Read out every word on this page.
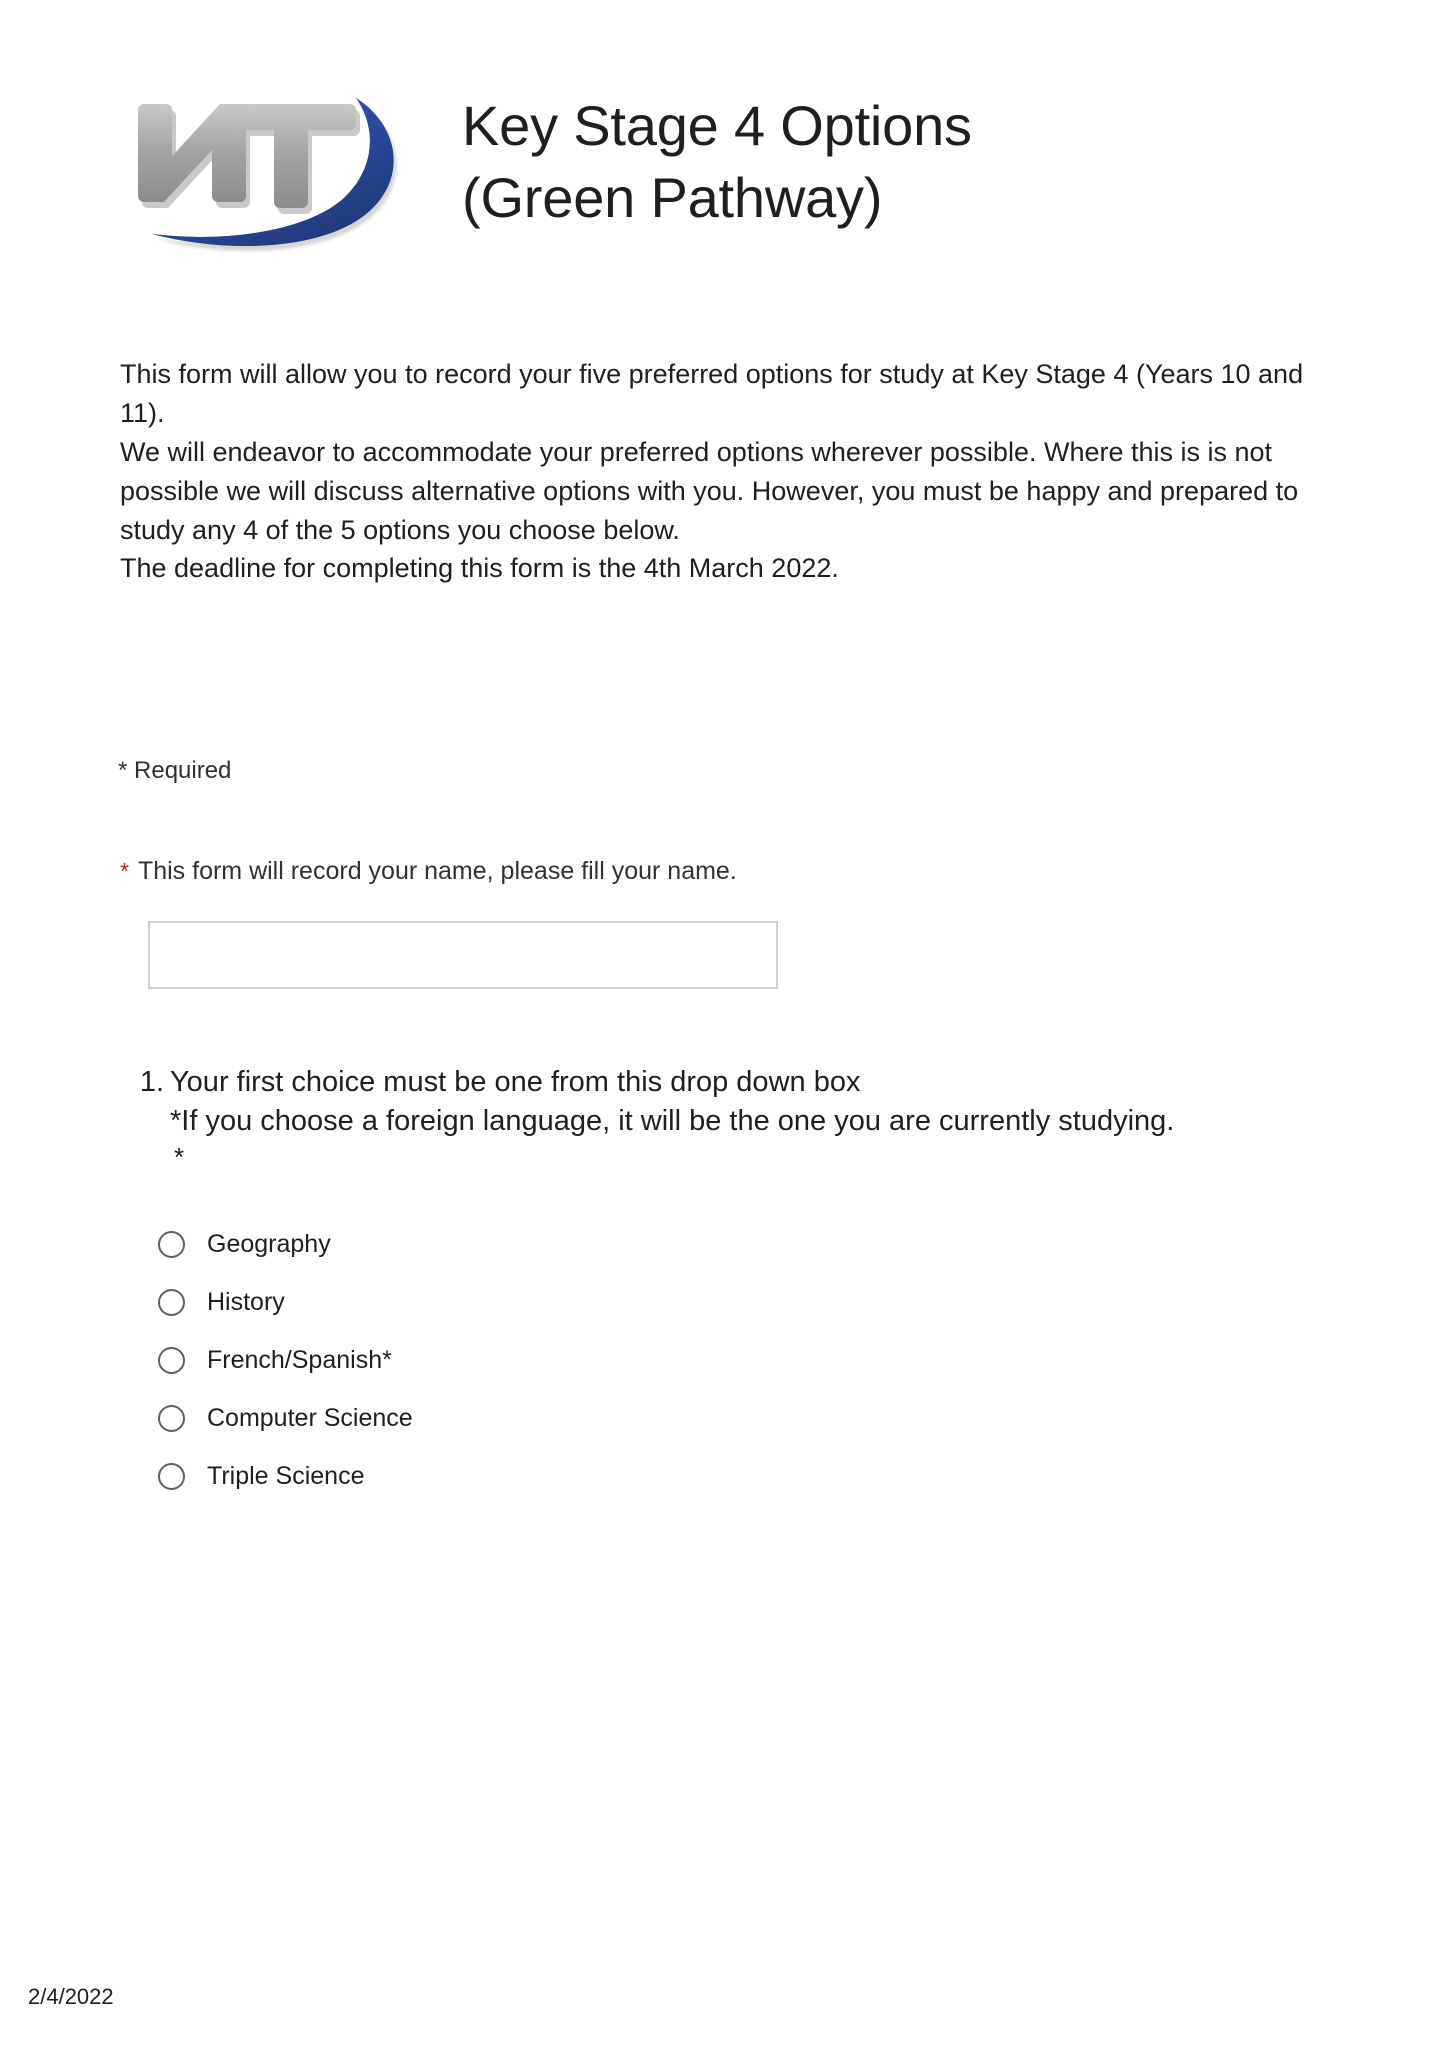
Key Stage 4 Options
(Green Pathway)

This form will allow you to record your five preferred options for study at Key Stage 4 (Years 10 and 11).

We will endeavor to accommodate your preferred options wherever possible. Where this is is not possible we will discuss alternative options with you. However, you must be happy and prepared to study any 4 of the 5 options you choose below.

The deadline for completing this form is the 4th March 2022.

* Required
* This form will record your name, please fill your name.
1. Your first choice must be one from this drop down box
*If you choose a foreign language, it will be the one you are currently studying.
*
Geography
History
French/Spanish*
Computer Science
Triple Science
2/4/2022
